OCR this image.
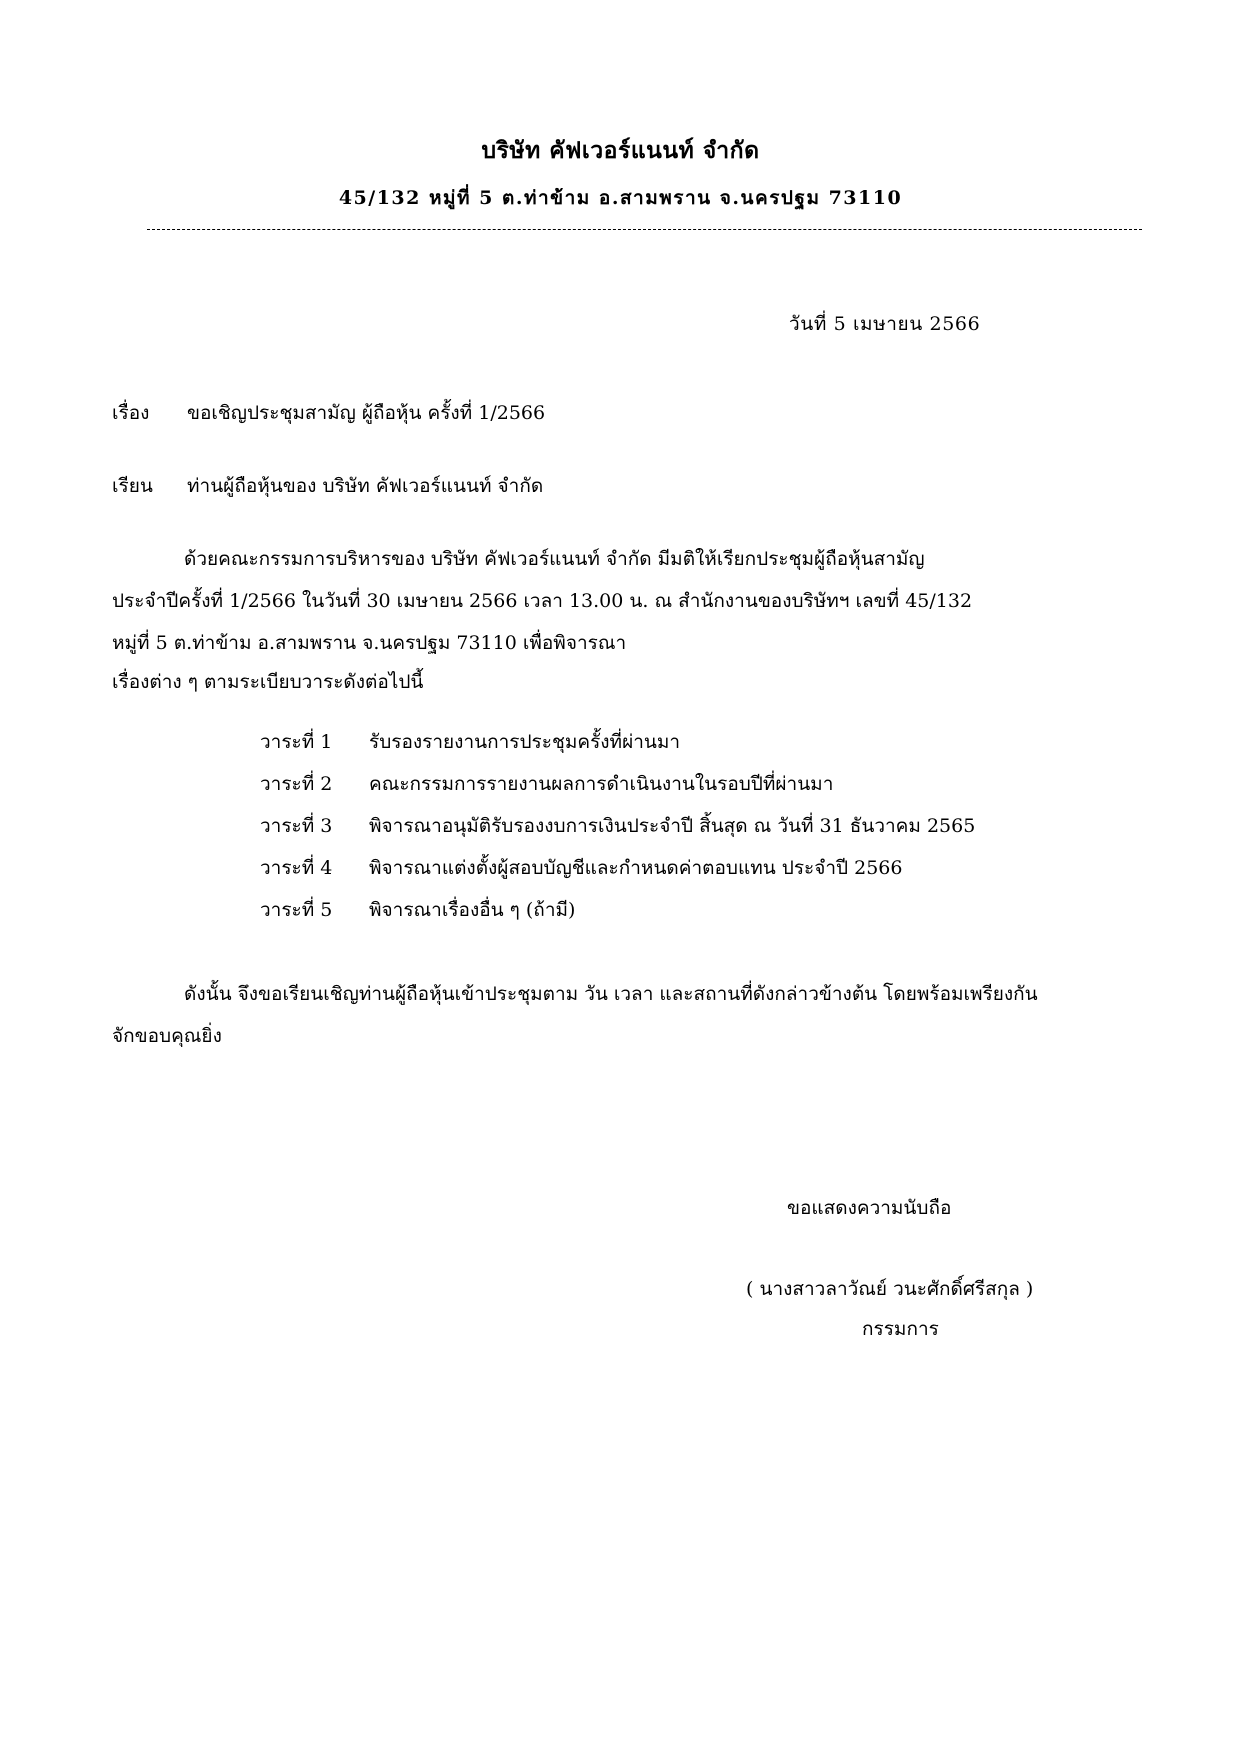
บริษัท คัฟเวอร์แนนท์ จำกัด
45/132 หมู่ที่ 5 ต.ท่าข้าม อ.สามพราน จ.นครปฐม 73110
วันที่ 5 เมษายน 2566
เรื่อง ขอเชิญประชุมสามัญ ผู้ถือหุ้น ครั้งที่ 1/2566
เรียน ท่านผู้ถือหุ้นของ บริษัท คัฟเวอร์แนนท์ จำกัด
ด้วยคณะกรรมการบริหารของ บริษัท คัฟเวอร์แนนท์ จำกัด มีมติให้เรียกประชุมผู้ถือหุ้นสามัญ
ประจำปีครั้งที่ 1/2566 ในวันที่ 30 เมษายน 2566 เวลา 13.00 น. ณ สำนักงานของบริษัทฯ เลขที่ 45/132
หมู่ที่ 5 ต.ท่าข้าม อ.สามพราน จ.นครปฐม 73110 เพื่อพิจารณา
เรื่องต่าง ๆ ตามระเบียบวาระดังต่อไปนี้
วาระที่ 1 รับรองรายงานการประชุมครั้งที่ผ่านมา
วาระที่ 2 คณะกรรมการรายงานผลการดำเนินงานในรอบปีที่ผ่านมา
วาระที่ 3 พิจารณาอนุมัติรับรองงบการเงินประจำปี สิ้นสุด ณ วันที่ 31 ธันวาคม 2565
วาระที่ 4 พิจารณาแต่งตั้งผู้สอบบัญชีและกำหนดค่าตอบแทน ประจำปี 2566
วาระที่ 5 พิจารณาเรื่องอื่น ๆ (ถ้ามี)
ดังนั้น จึงขอเรียนเชิญท่านผู้ถือหุ้นเข้าประชุมตาม วัน เวลา และสถานที่ดังกล่าวข้างต้น โดยพร้อมเพรียงกัน
จักขอบคุณยิ่ง
ขอแสดงความนับถือ
( นางสาวลาวัณย์ วนะศักดิ์ศรีสกุล )
กรรมการ
